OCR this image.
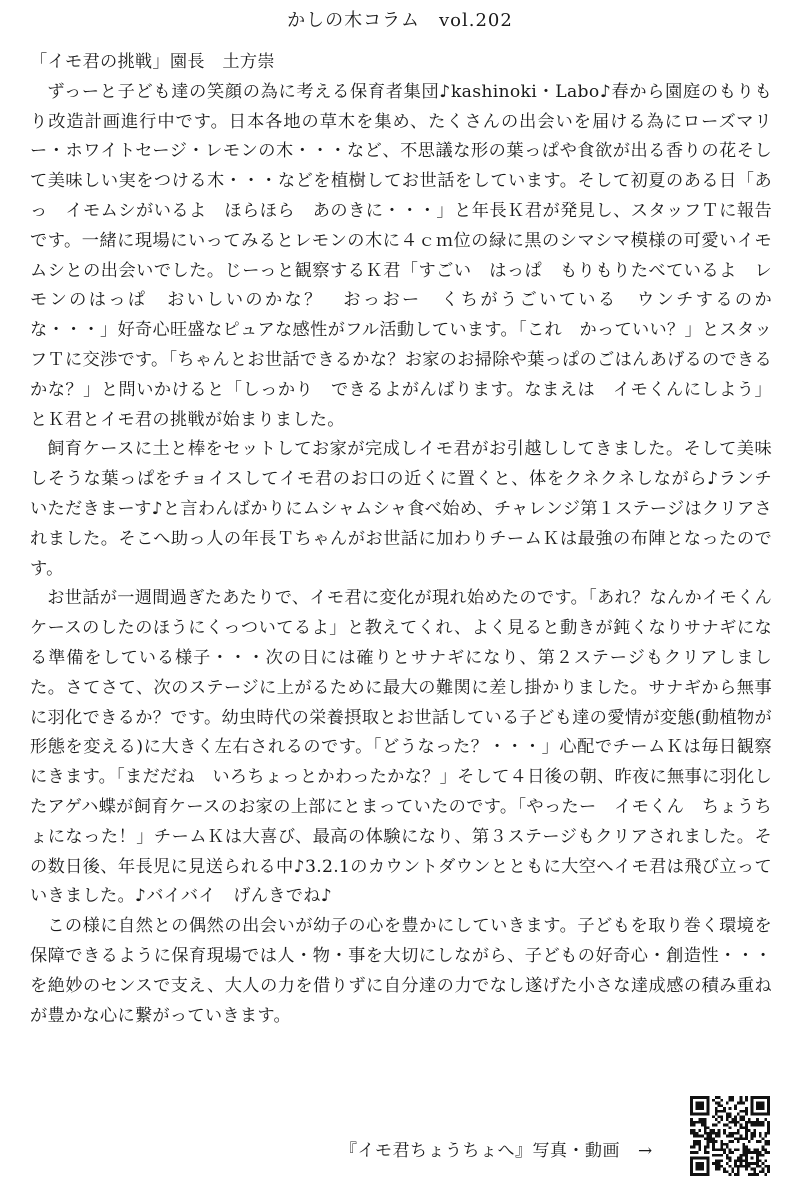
かしの木コラム　vol.202

「イモ君の挑戦」園長　土方崇

ずっーと子ども達の笑顔の為に考える保育者集団♪kashinoki・Labo♪春から園庭のもりもり改造計画進行中です。日本各地の草木を集め、たくさんの出会いを届ける為にローズマリー・ホワイトセージ・レモンの木・・・など、不思議な形の葉っぱや食欲が出る香りの花そして美味しい実をつける木・・・などを植樹してお世話をしています。そして初夏のある日「あっ　イモムシがいるよ　ほらほら　あのきに・・・」と年長Ｋ君が発見し、スタッフＴに報告です。一緒に現場にいってみるとレモンの木に４ｃｍ位の緑に黒のシマシマ模様の可愛いイモムシとの出会いでした。じーっと観察するＫ君「すごい　はっぱ　もりもりたべているよ　レモンのはっぱ　おいしいのかな？　おっおー　くちがうごいている　ウンチするのかな・・・」好奇心旺盛なピュアな感性がフル活動しています。「これ　かっていい？」とスタッフＴに交渉です。「ちゃんとお世話できるかな？お家のお掃除や葉っぱのごはんあげるのできるかな？」と問いかけると「しっかり　できるよがんばります。なまえは　イモくんにしよう」とＫ君とイモ君の挑戦が始まりました。

飼育ケースに土と棒をセットしてお家が完成しイモ君がお引越ししてきました。そして美味しそうな葉っぱをチョイスしてイモ君のお口の近くに置くと、体をクネクネしながら♪ランチいただきまーす♪と言わんばかりにムシャムシャ食べ始め、チャレンジ第１ステージはクリアされました。そこへ助っ人の年長Ｔちゃんがお世話に加わりチームＫは最強の布陣となったのです。

お世話が一週間過ぎたあたりで、イモ君に変化が現れ始めたのです。「あれ？なんかイモくんケースのしたのほうにくっついてるよ」と教えてくれ、よく見ると動きが鈍くなりサナギになる準備をしている様子・・・次の日には確りとサナギになり、第２ステージもクリアしました。さてさて、次のステージに上がるために最大の難関に差し掛かりました。サナギから無事に羽化できるか？です。幼虫時代の栄養摂取とお世話している子ども達の愛情が変態(動植物が形態を変える)に大きく左右されるのです。「どうなった？・・・」心配でチームＫは毎日観察にきます。「まだだね　いろちょっとかわったかな？」そして４日後の朝、昨夜に無事に羽化したアゲハ蝶が飼育ケースのお家の上部にとまっていたのです。「やったー　イモくん　ちょうちょになった！」チームＫは大喜び、最高の体験になり、第３ステージもクリアされました。その数日後、年長児に見送られる中♪3.2.1のカウントダウンとともに大空へイモ君は飛び立っていきました。♪バイバイ　げんきでね♪

この様に自然との偶然の出会いが幼子の心を豊かにしていきます。子どもを取り巻く環境を保障できるように保育現場では人・物・事を大切にしながら、子どもの好奇心・創造性・・・を絶妙のセンスで支え、大人の力を借りずに自分達の力でなし遂げた小さな達成感の積み重ねが豊かな心に繋がっていきます。

『イモ君ちょうちょへ』写真・動画 →
